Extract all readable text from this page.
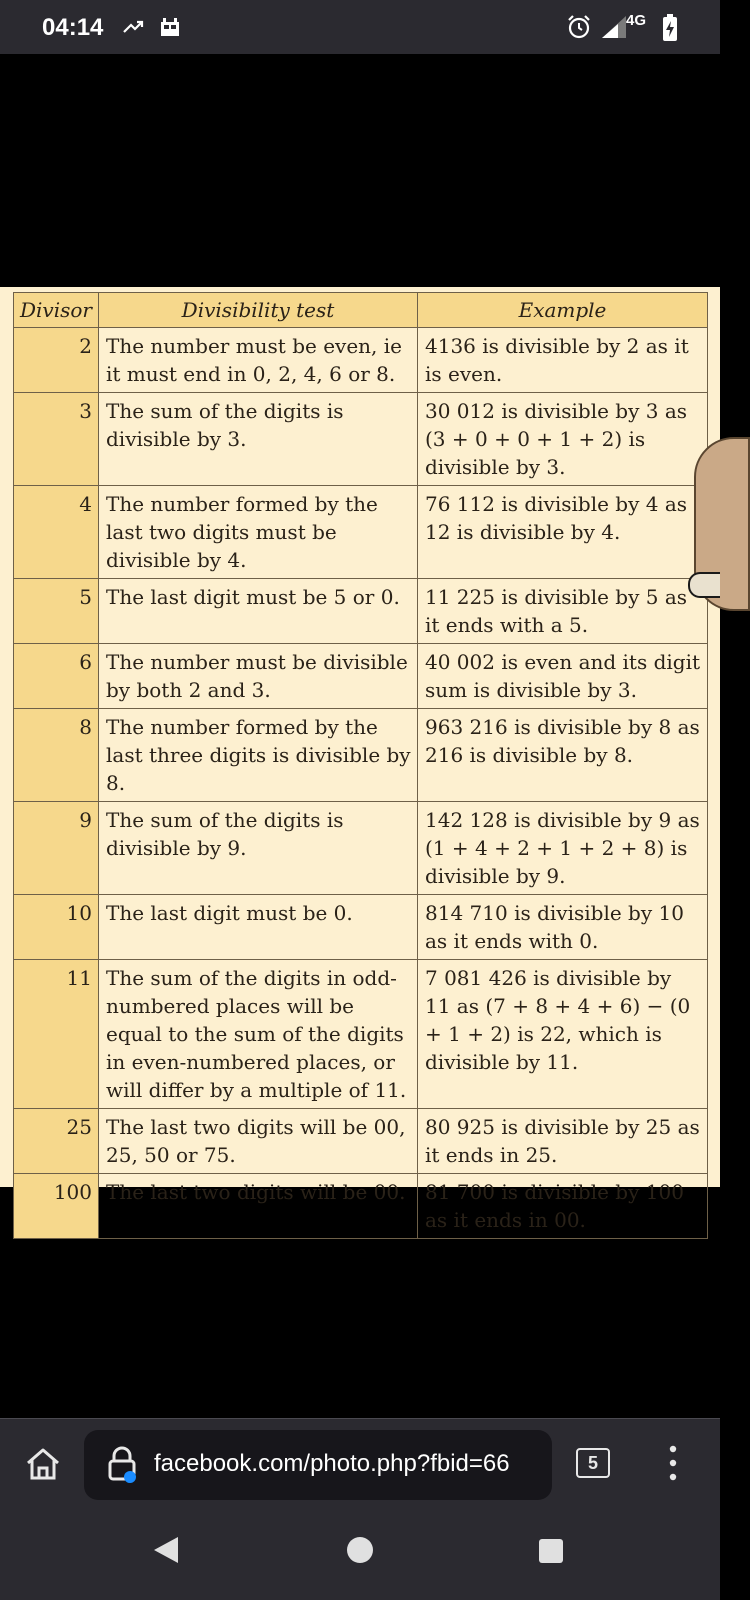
04:14	4G
Divisor	Divisibility test	Example
2	The number must be even, ie it must end in 0, 2, 4, 6 or 8.	4136 is divisible by 2 as it is even.
3	The sum of the digits is divisible by 3.	30 012 is divisible by 3 as (3 + 0 + 0 + 1 + 2) is divisible by 3.
4	The number formed by the last two digits must be divisible by 4.	76 112 is divisible by 4 as 12 is divisible by 4.
5	The last digit must be 5 or 0.	11 225 is divisible by 5 as it ends with a 5.
6	The number must be divisible by both 2 and 3.	40 002 is even and its digit sum is divisible by 3.
8	The number formed by the last three digits is divisible by 8.	963 216 is divisible by 8 as 216 is divisible by 8.
9	The sum of the digits is divisible by 9.	142 128 is divisible by 9 as (1 + 4 + 2 + 1 + 2 + 8) is divisible by 9.
10	The last digit must be 0.	814 710 is divisible by 10 as it ends with 0.
11	The sum of the digits in odd-numbered places will be equal to the sum of the digits in even-numbered places, or will differ by a multiple of 11.	7 081 426 is divisible by 11 as (7 + 8 + 4 + 6) − (0 + 1 + 2) is 22, which is divisible by 11.
25	The last two digits will be 00, 25, 50 or 75.	80 925 is divisible by 25 as it ends in 25.
100	The last two digits will be 00.	81 700 is divisible by 100 as it ends in 00.
facebook.com/photo.php?fbid=66	5
